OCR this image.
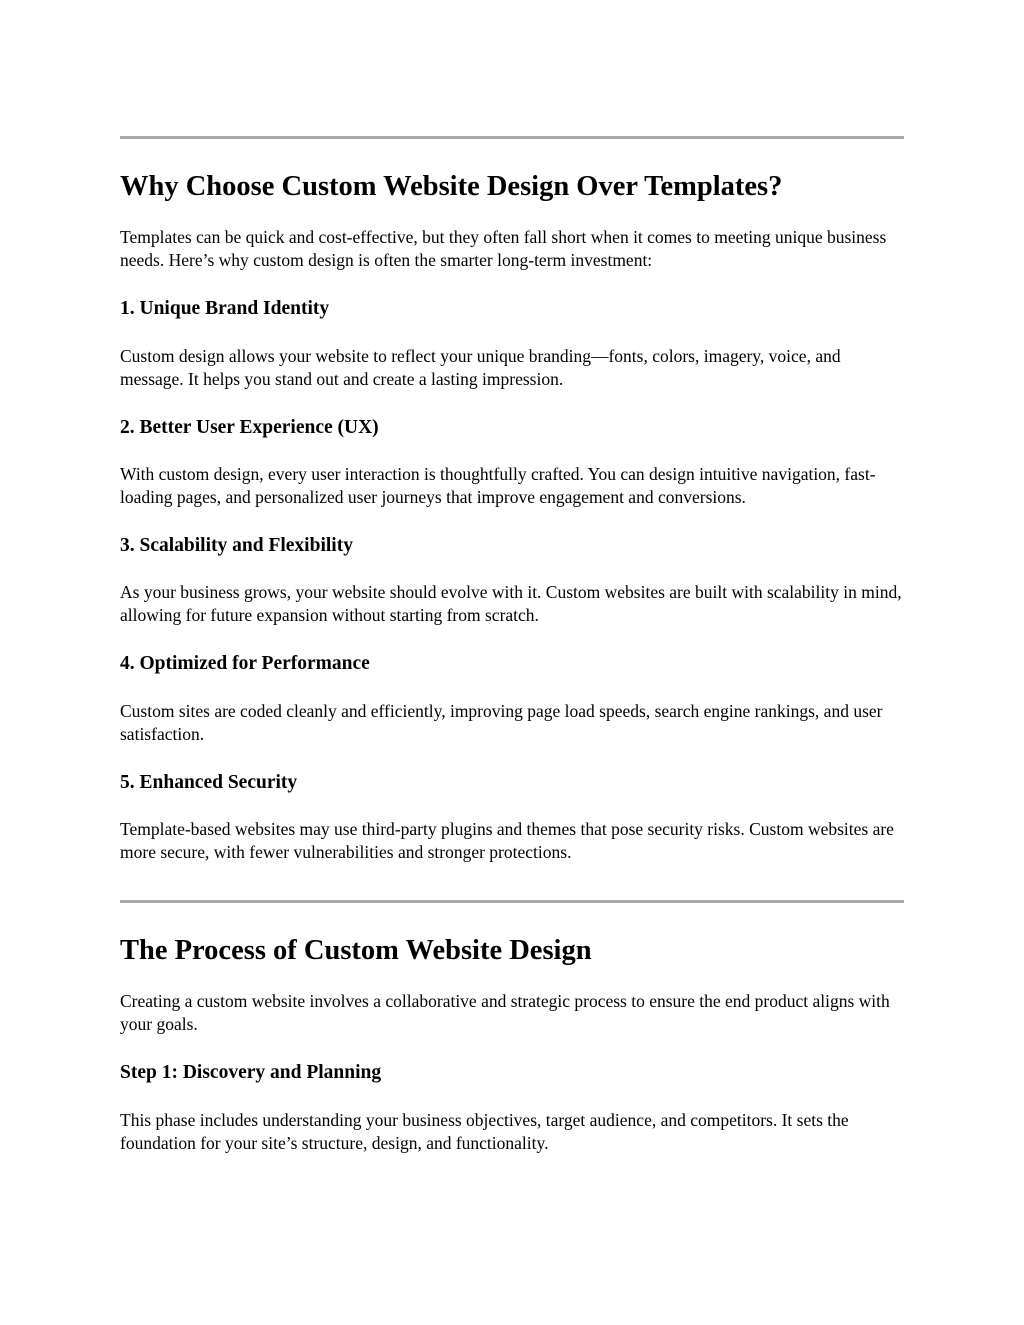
Why Choose Custom Website Design Over Templates?

Templates can be quick and cost-effective, but they often fall short when it comes to meeting unique business needs. Here’s why custom design is often the smarter long-term investment:

1. Unique Brand Identity

Custom design allows your website to reflect your unique branding—fonts, colors, imagery, voice, and message. It helps you stand out and create a lasting impression.

2. Better User Experience (UX)

With custom design, every user interaction is thoughtfully crafted. You can design intuitive navigation, fast-loading pages, and personalized user journeys that improve engagement and conversions.

3. Scalability and Flexibility

As your business grows, your website should evolve with it. Custom websites are built with scalability in mind, allowing for future expansion without starting from scratch.

4. Optimized for Performance

Custom sites are coded cleanly and efficiently, improving page load speeds, search engine rankings, and user satisfaction.

5. Enhanced Security

Template-based websites may use third-party plugins and themes that pose security risks. Custom websites are more secure, with fewer vulnerabilities and stronger protections.

The Process of Custom Website Design

Creating a custom website involves a collaborative and strategic process to ensure the end product aligns with your goals.

Step 1: Discovery and Planning

This phase includes understanding your business objectives, target audience, and competitors. It sets the foundation for your site’s structure, design, and functionality.
